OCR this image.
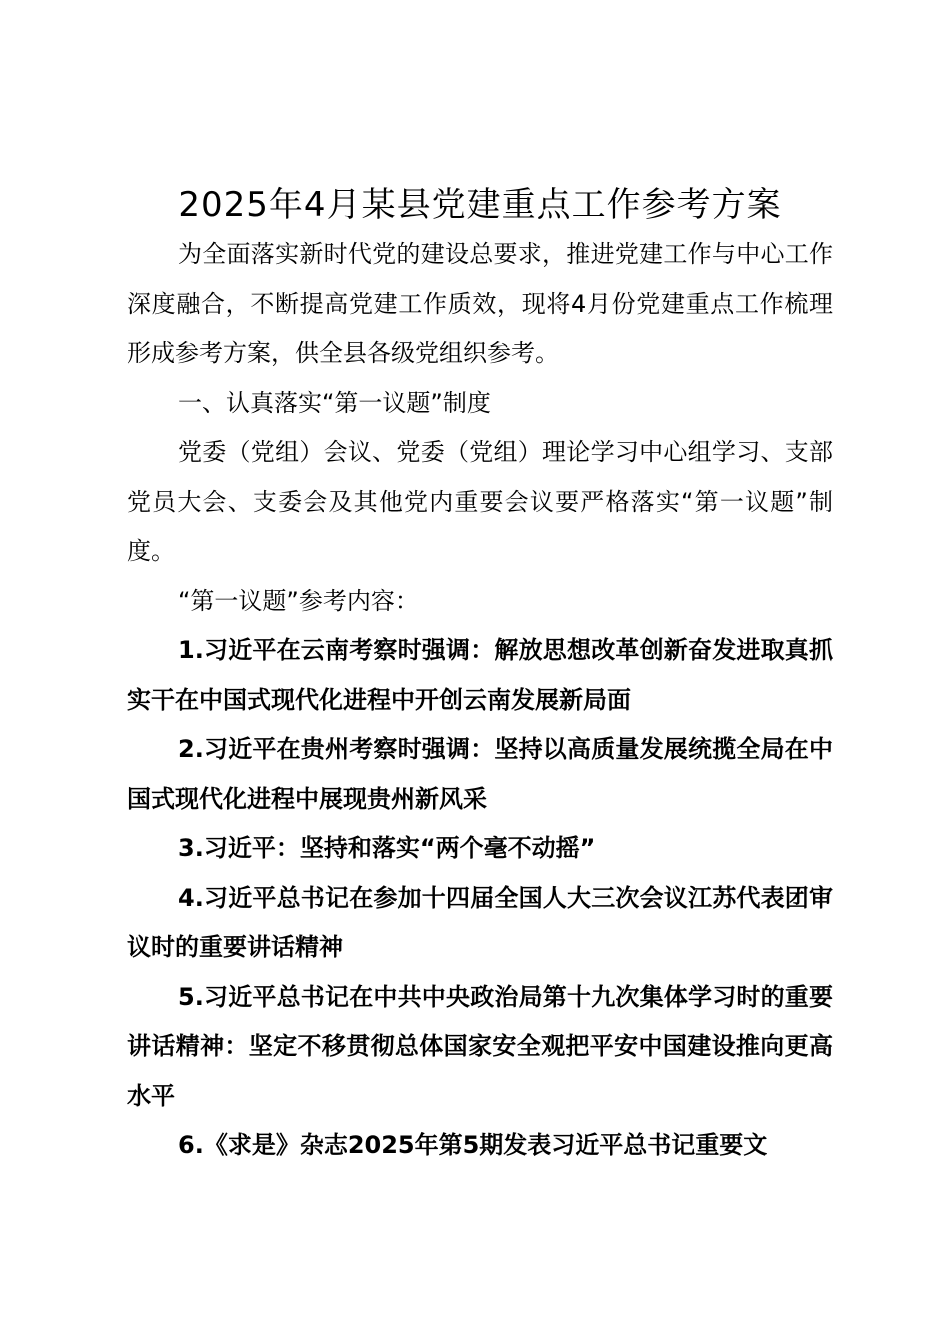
2025年4月某县党建重点工作参考方案

为全面落实新时代党的建设总要求，推进党建工作与中心工作深度融合，不断提高党建工作质效，现将4月份党建重点工作梳理形成参考方案，供全县各级党组织参考。

一、认真落实“第一议题”制度

党委（党组）会议、党委（党组）理论学习中心组学习、支部党员大会、支委会及其他党内重要会议要严格落实“第一议题”制度。

“第一议题”参考内容：

1.习近平在云南考察时强调：解放思想改革创新奋发进取真抓实干在中国式现代化进程中开创云南发展新局面

2.习近平在贵州考察时强调：坚持以高质量发展统揽全局在中国式现代化进程中展现贵州新风采

3.习近平：坚持和落实“两个毫不动摇”

4.习近平总书记在参加十四届全国人大三次会议江苏代表团审议时的重要讲话精神

5.习近平总书记在中共中央政治局第十九次集体学习时的重要讲话精神：坚定不移贯彻总体国家安全观把平安中国建设推向更高水平

6.《求是》杂志2025年第5期发表习近平总书记重要文
